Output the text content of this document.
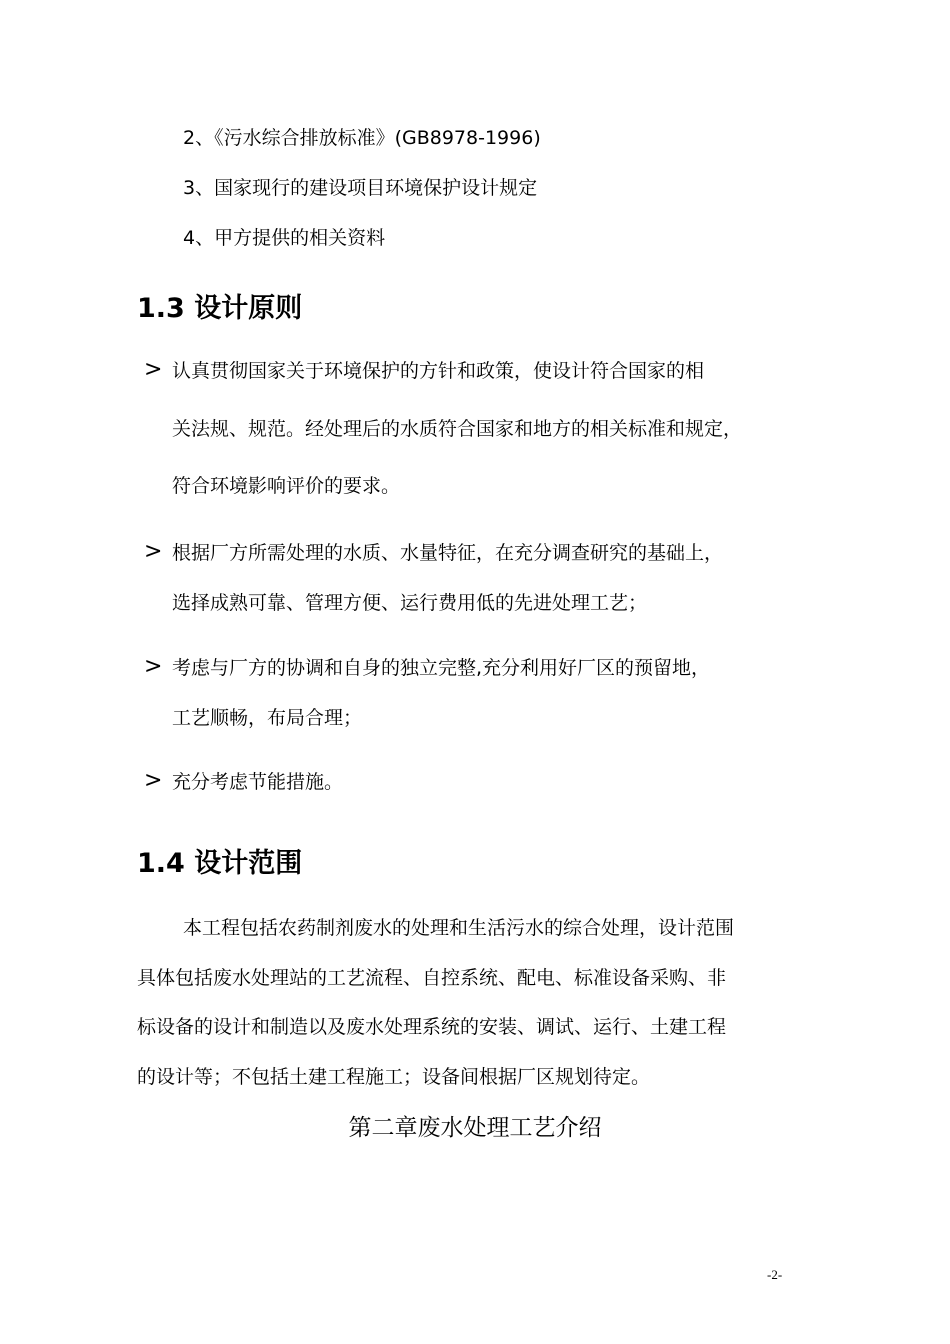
2、《污水综合排放标准》(GB8978-1996)
3、国家现行的建设项目环境保护设计规定
4、甲方提供的相关资料
1.3 设计原则
> 认真贯彻国家关于环境保护的方针和政策，使设计符合国家的相
关法规、规范。经处理后的水质符合国家和地方的相关标准和规定，
符合环境影响评价的要求。
> 根据厂方所需处理的水质、水量特征，在充分调查研究的基础上，
选择成熟可靠、管理方便、运行费用低的先进处理工艺；
> 考虑与厂方的协调和自身的独立完整,充分利用好厂区的预留地，
工艺顺畅，布局合理；
> 充分考虑节能措施。
1.4 设计范围
本工程包括农药制剂废水的处理和生活污水的综合处理，设计范围
具体包括废水处理站的工艺流程、自控系统、配电、标准设备采购、非
标设备的设计和制造以及废水处理系统的安装、调试、运行、土建工程
的设计等；不包括土建工程施工；设备间根据厂区规划待定。
第二章废水处理工艺介绍
-2-
